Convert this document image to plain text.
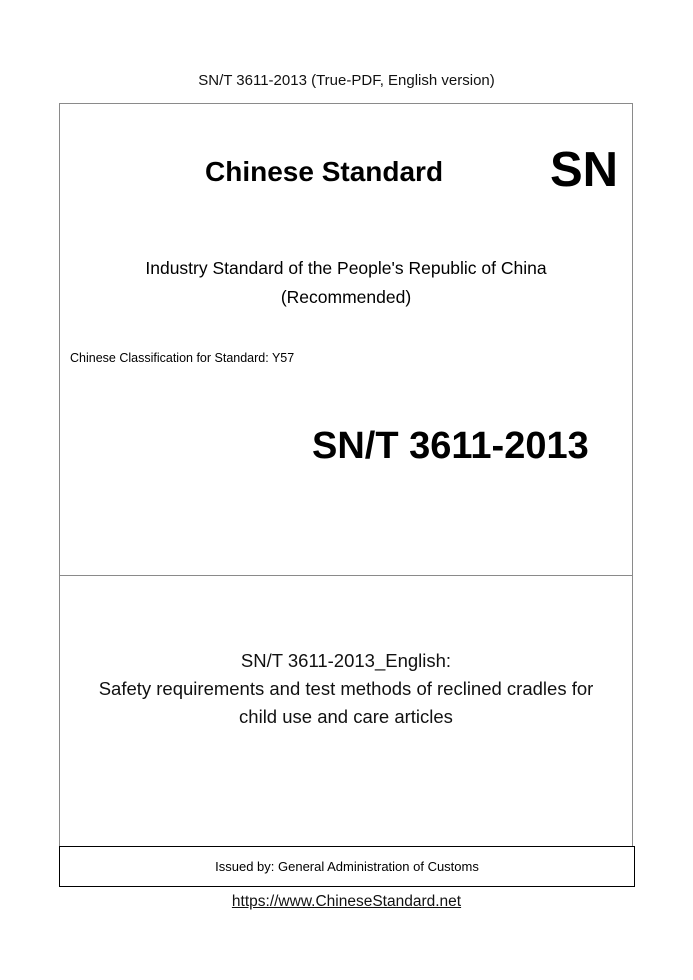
SN/T 3611-2013 (True-PDF, English version)
Chinese Standard SN
Industry Standard of the People's Republic of China
(Recommended)
Chinese Classification for Standard: Y57
SN/T 3611-2013
SN/T 3611-2013_English:
Safety requirements and test methods of reclined cradles for
child use and care articles
Issued by: General Administration of Customs
https://www.ChineseStandard.net
